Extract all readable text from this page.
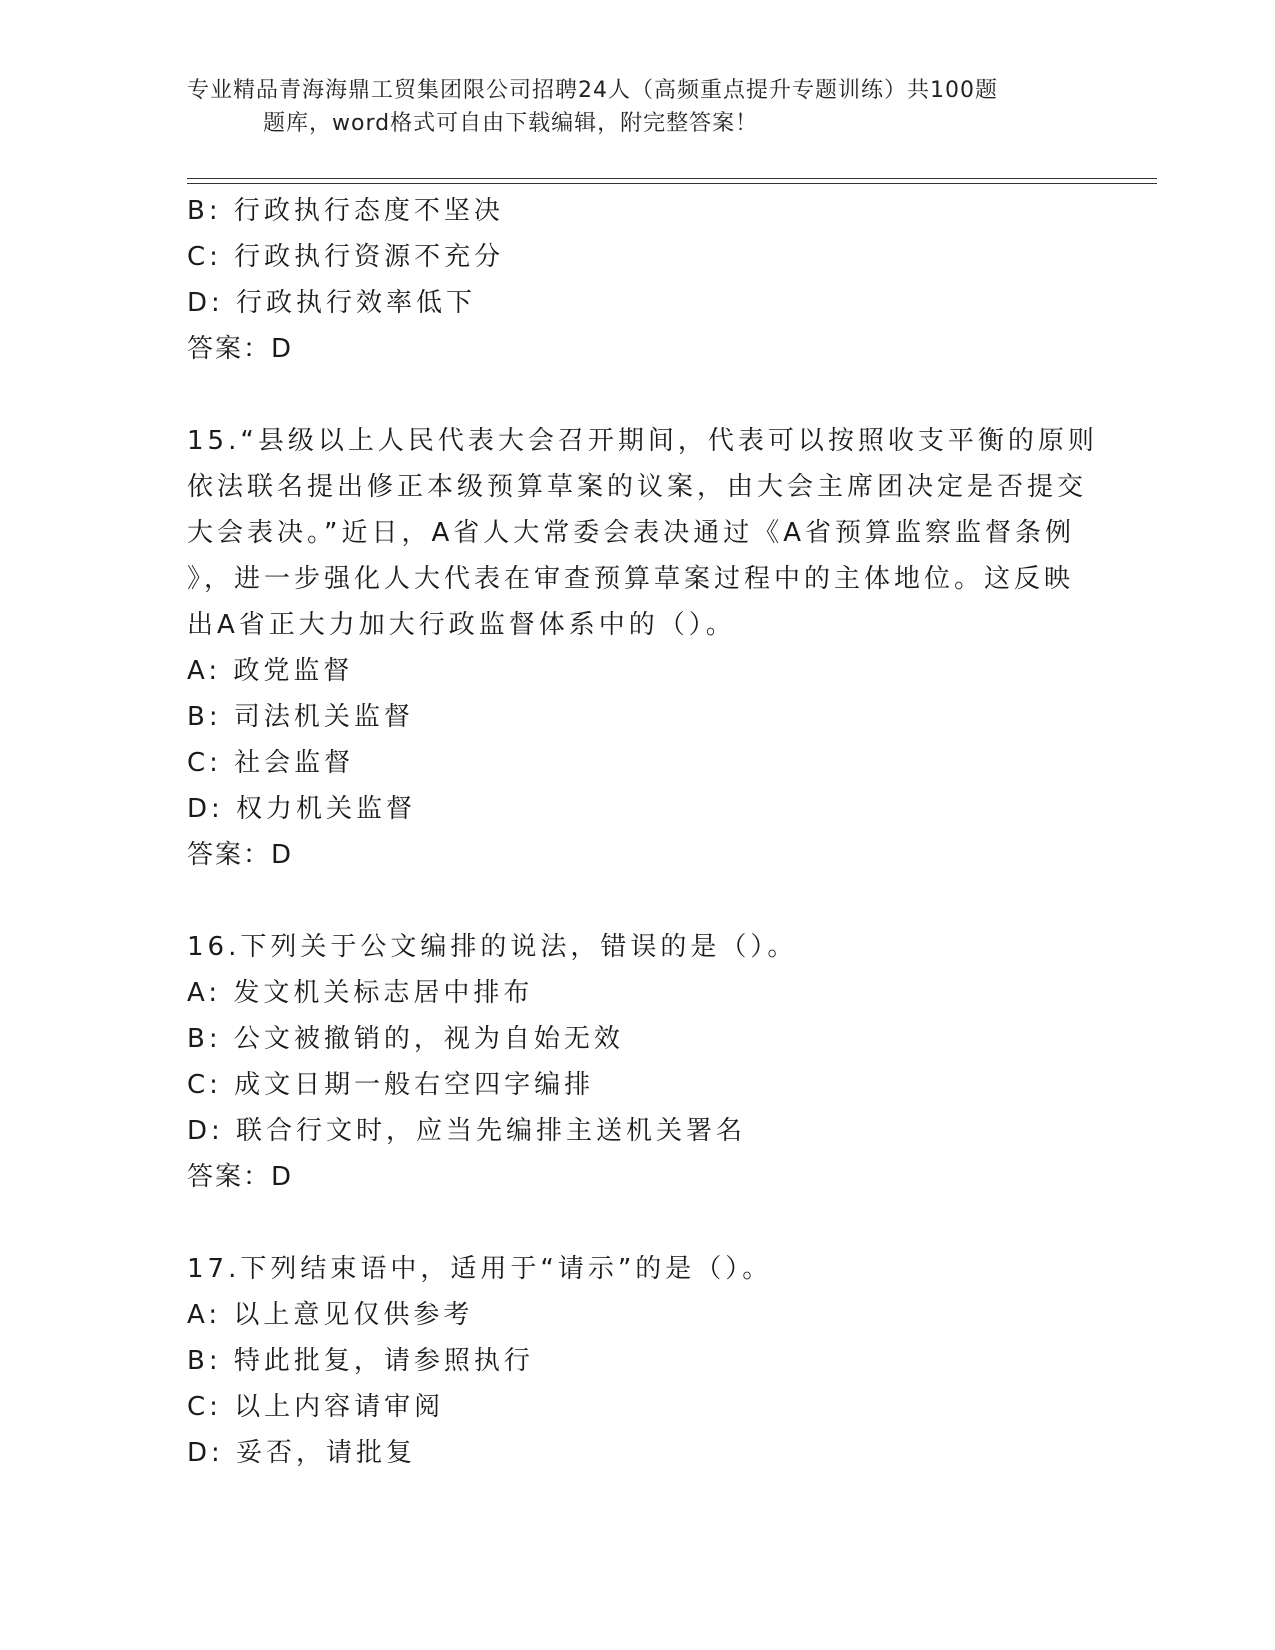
专业精品青海海鼎工贸集团限公司招聘24人（高频重点提升专题训练）共100题
题库，word格式可自由下载编辑，附完整答案！
B: 行政执行态度不坚决
C: 行政执行资源不充分
D: 行政执行效率低下
答案：D
15.“县级以上人民代表大会召开期间，代表可以按照收支平衡的原则
依法联名提出修正本级预算草案的议案，由大会主席团决定是否提交
大会表决。”近日，A省人大常委会表决通过《A省预算监察监督条例
》，进一步强化人大代表在审查预算草案过程中的主体地位。这反映
出A省正大力加大行政监督体系中的（）。
A: 政党监督
B: 司法机关监督
C: 社会监督
D: 权力机关监督
答案：D
16.下列关于公文编排的说法，错误的是（）。
A: 发文机关标志居中排布
B: 公文被撤销的，视为自始无效
C: 成文日期一般右空四字编排
D: 联合行文时，应当先编排主送机关署名
答案：D
17.下列结束语中，适用于“请示”的是（）。
A: 以上意见仅供参考
B: 特此批复，请参照执行
C: 以上内容请审阅
D: 妥否，请批复
